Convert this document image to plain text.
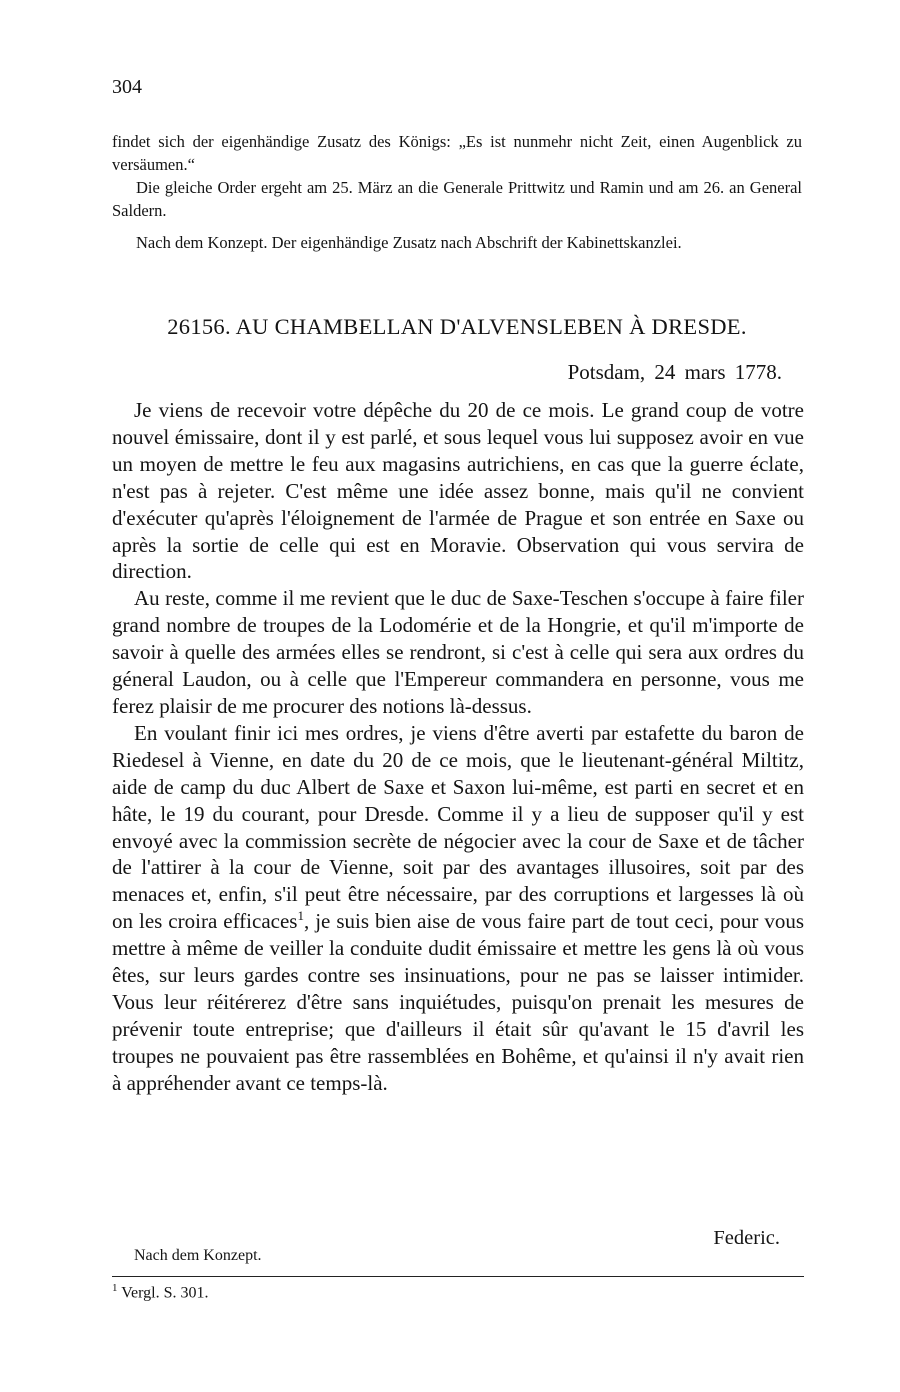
304

findet sich der eigenhändige Zusatz des Königs: „Es ist nunmehr nicht Zeit, einen Augenblick zu versäumen.“

Die gleiche Order ergeht am 25. März an die Generale Prittwitz und Ramin und am 26. an General Saldern.

Nach dem Konzept. Der eigenhändige Zusatz nach Abschrift der Kabinettskanzlei.

26156. AU CHAMBELLAN D'ALVENSLEBEN À DRESDE.
Potsdam, 24 mars 1778.

Je viens de recevoir votre dépêche du 20 de ce mois. Le grand coup de votre nouvel émissaire, dont il y est parlé, et sous lequel vous lui supposez avoir en vue un moyen de mettre le feu aux magasins autrichiens, en cas que la guerre éclate, n'est pas à rejeter. C'est même une idée assez bonne, mais qu'il ne convient d'exécuter qu'après l'éloignement de l'armée de Prague et son entrée en Saxe ou après la sortie de celle qui est en Moravie. Observation qui vous servira de direction.

Au reste, comme il me revient que le duc de Saxe-Teschen s'occupe à faire filer grand nombre de troupes de la Lodomérie et de la Hongrie, et qu'il m'importe de savoir à quelle des armées elles se rendront, si c'est à celle qui sera aux ordres du géneral Laudon, ou à celle que l'Empereur commandera en personne, vous me ferez plaisir de me procurer des notions là-dessus.

En voulant finir ici mes ordres, je viens d'être averti par estafette du baron de Riedesel à Vienne, en date du 20 de ce mois, que le lieutenant-général Miltitz, aide de camp du duc Albert de Saxe et Saxon lui-même, est parti en secret et en hâte, le 19 du courant, pour Dresde. Comme il y a lieu de supposer qu'il y est envoyé avec la commission secrète de négocier avec la cour de Saxe et de tâcher de l'attirer à la cour de Vienne, soit par des avantages illusoires, soit par des menaces et, enfin, s'il peut être nécessaire, par des corruptions et largesses là où on les croira efficaces$^1$, je suis bien aise de vous faire part de tout ceci, pour vous mettre à même de veiller la conduite dudit émissaire et mettre les gens là où vous êtes, sur leurs gardes contre ses insinuations, pour ne pas se laisser intimider. Vous leur réitérerez d'être sans inquiétudes, puisqu'on prenait les mesures de prévenir toute entreprise; que d'ailleurs il était sûr qu'avant le 15 d'avril les troupes ne pouvaient pas être rassemblées en Bohême, et qu'ainsi il n'y avait rien à appréhender avant ce temps-là.

Federic.
Nach dem Konzept.
$^1$ Vergl. S. 301.
